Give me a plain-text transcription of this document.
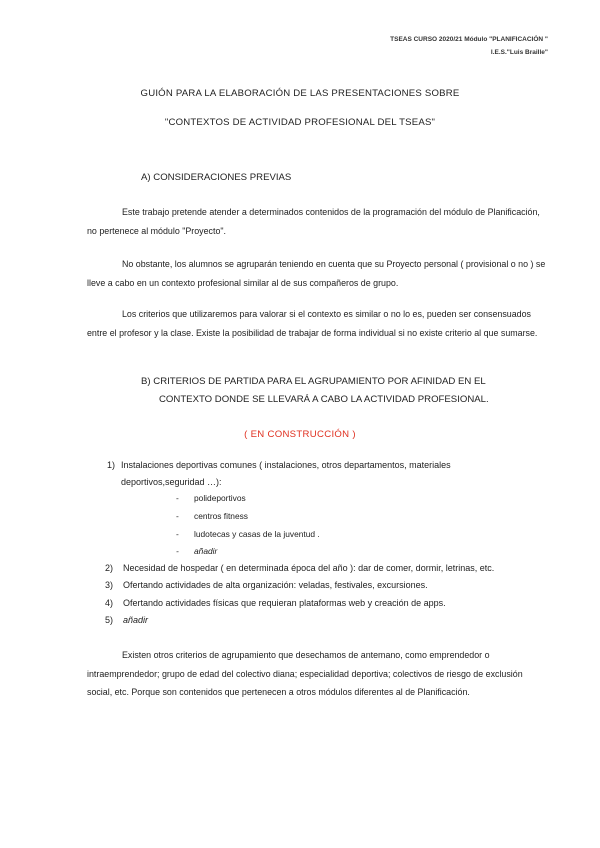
TSEAS CURSO 2020/21 Módulo "PLANIFICACIÓN "
I.E.S."Luis Braille"
GUIÓN PARA LA ELABORACIÓN DE LAS PRESENTACIONES SOBRE
"CONTEXTOS DE ACTIVIDAD PROFESIONAL DEL TSEAS"
A) CONSIDERACIONES PREVIAS
Este trabajo pretende atender a determinados contenidos de la programación del módulo de Planificación, no pertenece al módulo "Proyecto".
No obstante, los alumnos se agruparán teniendo en cuenta que su Proyecto personal ( provisional o no ) se lleve a cabo en un contexto profesional similar al de sus compañeros de grupo.
Los criterios que utilizaremos para valorar si el contexto es similar o no lo es, pueden ser consensuados entre el profesor y la clase. Existe la posibilidad de trabajar de forma individual si no existe criterio al que sumarse.
B) CRITERIOS DE PARTIDA PARA EL AGRUPAMIENTO POR AFINIDAD EN EL
CONTEXTO DONDE SE LLEVARÁ A CABO LA ACTIVIDAD PROFESIONAL.
( EN CONSTRUCCIÓN )
1) Instalaciones deportivas comunes ( instalaciones, otros departamentos, materiales
deportivos,seguridad …):
- polideportivos
- centros fitness
- ludotecas y casas de la juventud .
- añadir
2) Necesidad de hospedar ( en determinada época del año ): dar de comer, dormir, letrinas, etc.
3) Ofertando actividades de alta organización: veladas, festivales, excursiones.
4) Ofertando actividades físicas que requieran plataformas web y creación de apps.
5) añadir
Existen otros criterios de agrupamiento que desechamos de antemano, como emprendedor o intraemprendedor; grupo de edad del colectivo diana; especialidad deportiva; colectivos de riesgo de exclusión social, etc. Porque son contenidos que pertenecen a otros módulos diferentes al de Planificación.
